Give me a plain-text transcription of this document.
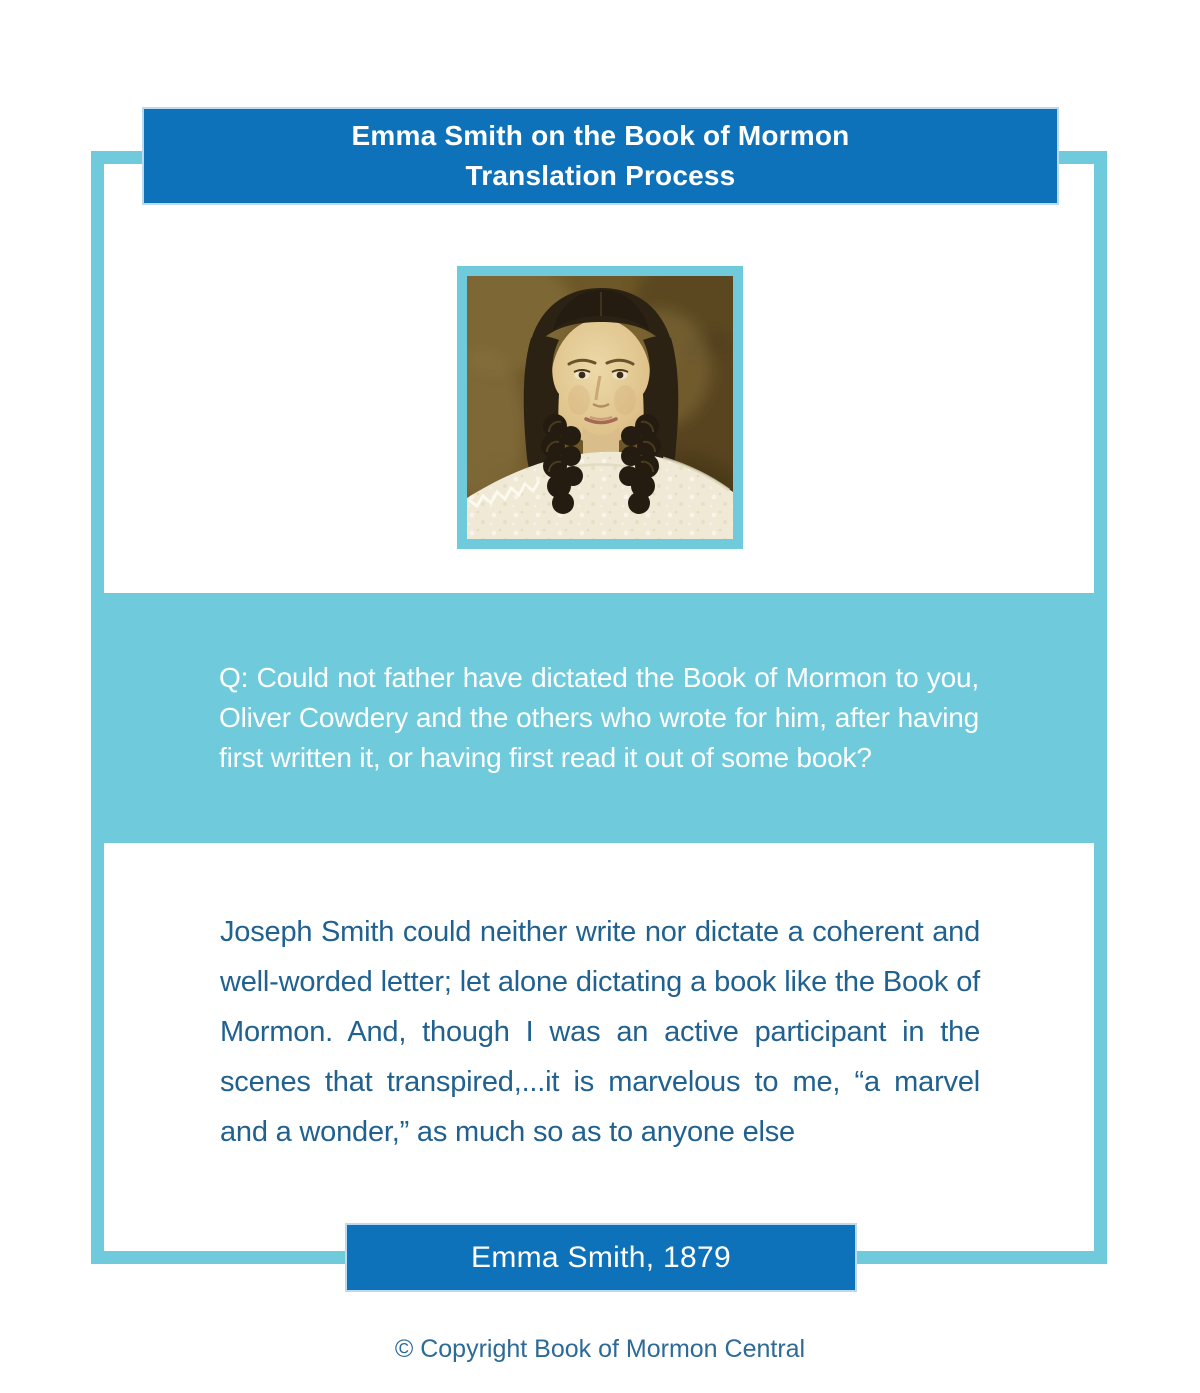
Emma Smith on the Book of Mormon
Translation Process

Q: Could not father have dictated the Book of Mormon to you, Oliver Cowdery and the others who wrote for him, after having first written it, or having first read it out of some book?

Joseph Smith could neither write nor dictate a coherent and well-worded letter; let alone dictating a book like the Book of Mormon. And, though I was an active participant in the scenes that transpired,...it is marvelous to me, “a marvel and a wonder,” as much so as to anyone else

Emma Smith, 1879
© Copyright Book of Mormon Central
